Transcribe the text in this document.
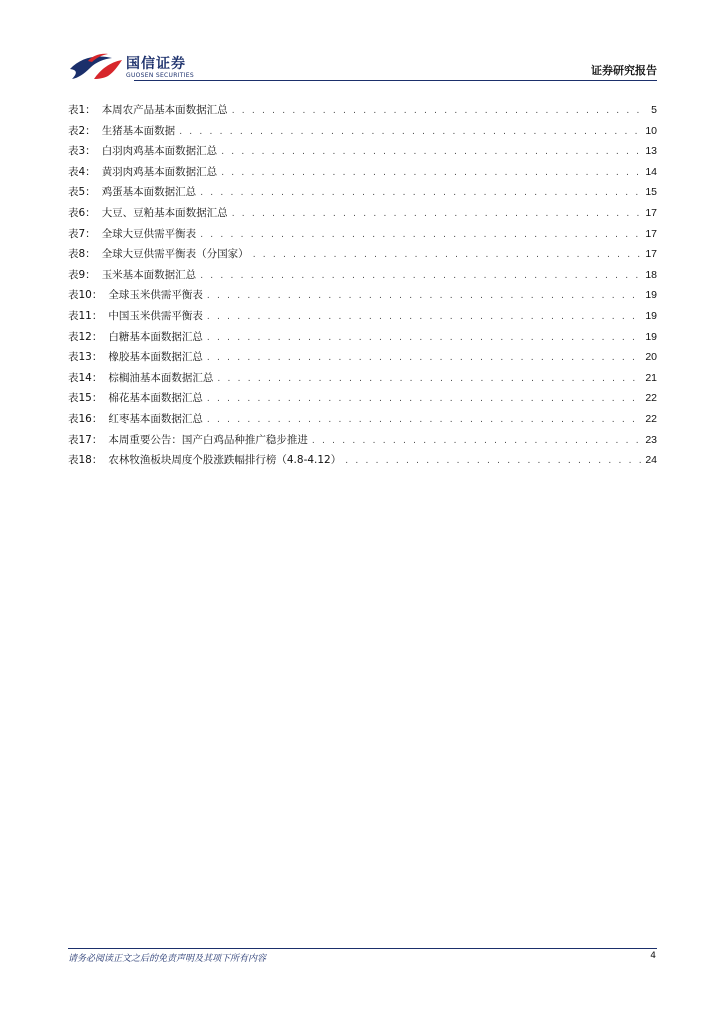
国信证券
GUOSEN SECURITIES	证券研究报告
表1： 本周农产品基本面数据汇总 . . .	5
表2： 生猪基本面数据 . . .	10
表3： 白羽肉鸡基本面数据汇总 . . .	13
表4： 黄羽肉鸡基本面数据汇总 . . .	14
表5： 鸡蛋基本面数据汇总 . . .	15
表6： 大豆、豆粕基本面数据汇总 . . .	17
表7： 全球大豆供需平衡表 . . .	17
表8： 全球大豆供需平衡表（分国家） . . .	17
表9： 玉米基本面数据汇总 . . .	18
表10： 全球玉米供需平衡表 . . .	19
表11： 中国玉米供需平衡表 . . .	19
表12： 白糖基本面数据汇总 . . .	19
表13： 橡胶基本面数据汇总 . . .	20
表14： 棕榈油基本面数据汇总 . . .	21
表15： 棉花基本面数据汇总 . . .	22
表16： 红枣基本面数据汇总 . . .	22
表17： 本周重要公告：国产白鸡品种推广稳步推进 . . .	23
表18： 农林牧渔板块周度个股涨跌幅排行榜（4.8-4.12） . . .	24
请务必阅读正文之后的免责声明及其项下所有内容	4
